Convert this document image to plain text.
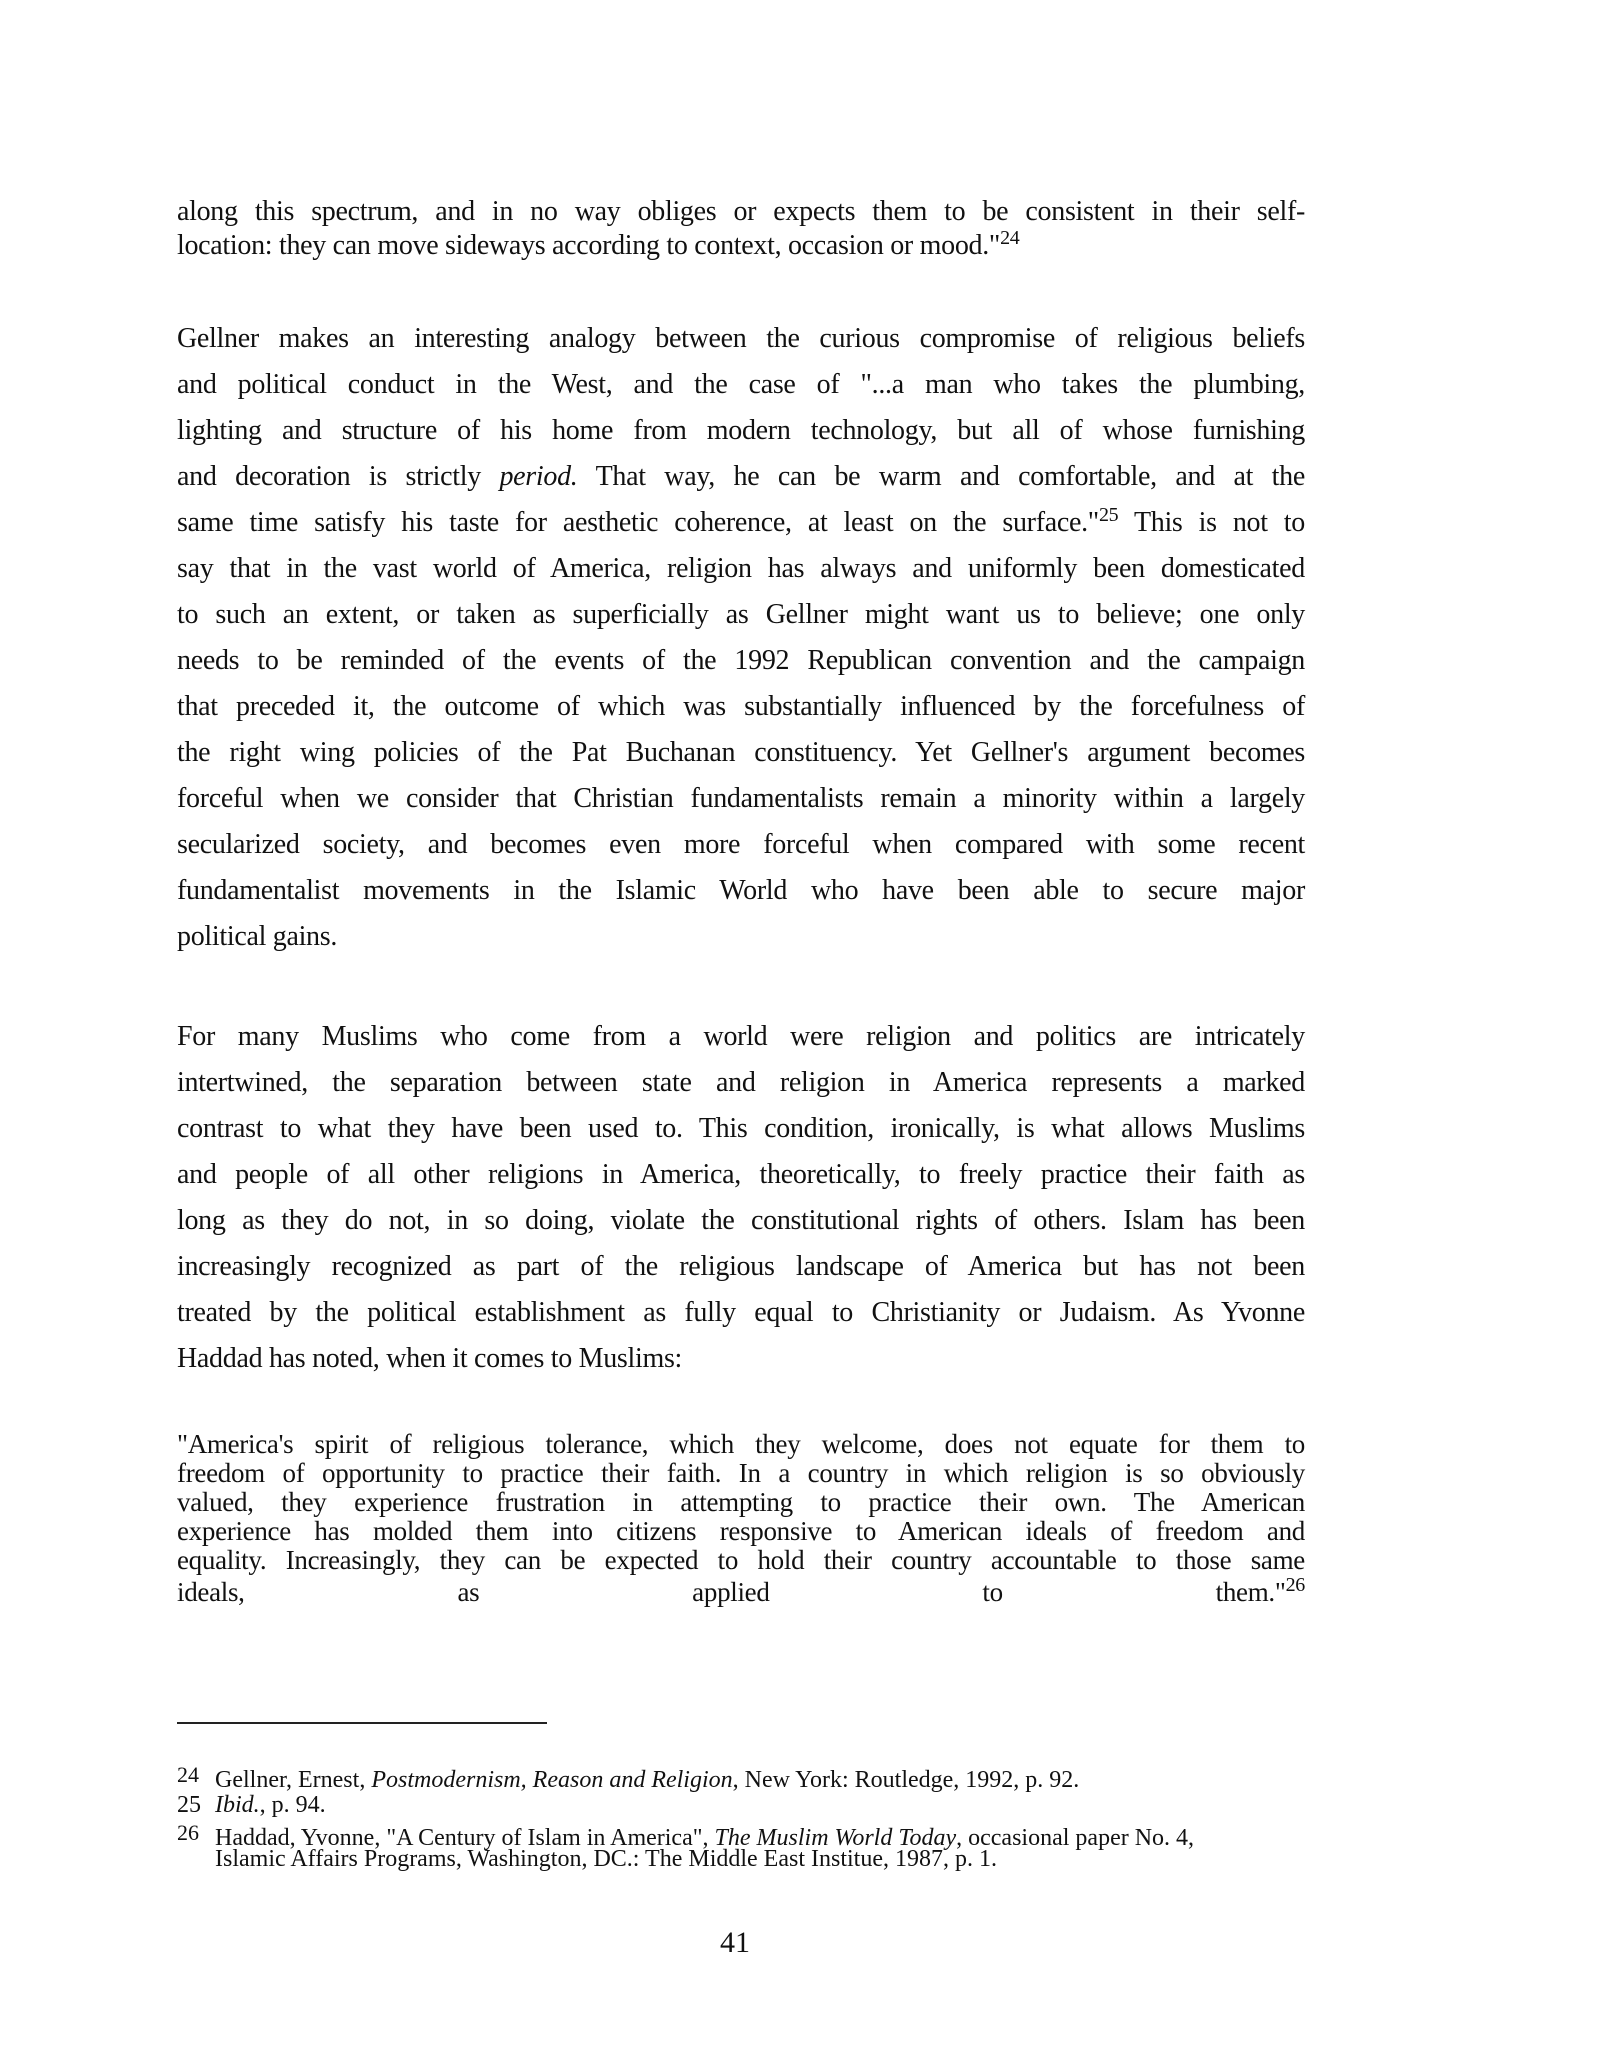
along this spectrum, and in no way obliges or expects them to be consistent in their self-
location: they can move sideways according to context, occasion or mood."$^{24}$
Gellner makes an interesting analogy between the curious compromise of religious beliefs
and political conduct in the West, and the case of "...a man who takes the plumbing,
lighting and structure of his home from modern technology, but all of whose furnishing
and decoration is strictly period. That way, he can be warm and comfortable, and at the
same time satisfy his taste for aesthetic coherence, at least on the surface."$^{25}$ This is not to
say that in the vast world of America, religion has always and uniformly been domesticated
to such an extent, or taken as superficially as Gellner might want us to believe; one only
needs to be reminded of the events of the 1992 Republican convention and the campaign
that preceded it, the outcome of which was substantially influenced by the forcefulness of
the right wing policies of the Pat Buchanan constituency. Yet Gellner's argument becomes
forceful when we consider that Christian fundamentalists remain a minority within a largely
secularized society, and becomes even more forceful when compared with some recent
fundamentalist movements in the Islamic World who have been able to secure major
political gains.
For many Muslims who come from a world were religion and politics are intricately
intertwined, the separation between state and religion in America represents a marked
contrast to what they have been used to. This condition, ironically, is what allows Muslims
and people of all other religions in America, theoretically, to freely practice their faith as
long as they do not, in so doing, violate the constitutional rights of others. Islam has been
increasingly recognized as part of the religious landscape of America but has not been
treated by the political establishment as fully equal to Christianity or Judaism. As Yvonne
Haddad has noted, when it comes to Muslims:
"America's spirit of religious tolerance, which they welcome, does not equate for them to
freedom of opportunity to practice their faith. In a country in which religion is so obviously
valued, they experience frustration in attempting to practice their own. The American
experience has molded them into citizens responsive to American ideals of freedom and
equality. Increasingly, they can be expected to hold their country accountable to those same
ideals, as applied to them."$^{26}$
24 Gellner, Ernest, Postmodernism, Reason and Religion, New York: Routledge, 1992, p. 92.
25 Ibid., p. 94.
26 Haddad, Yvonne, "A Century of Islam in America", The Muslim World Today, occasional paper No. 4,
Islamic Affairs Programs, Washington, DC.: The Middle East Institue, 1987, p. 1.
41
